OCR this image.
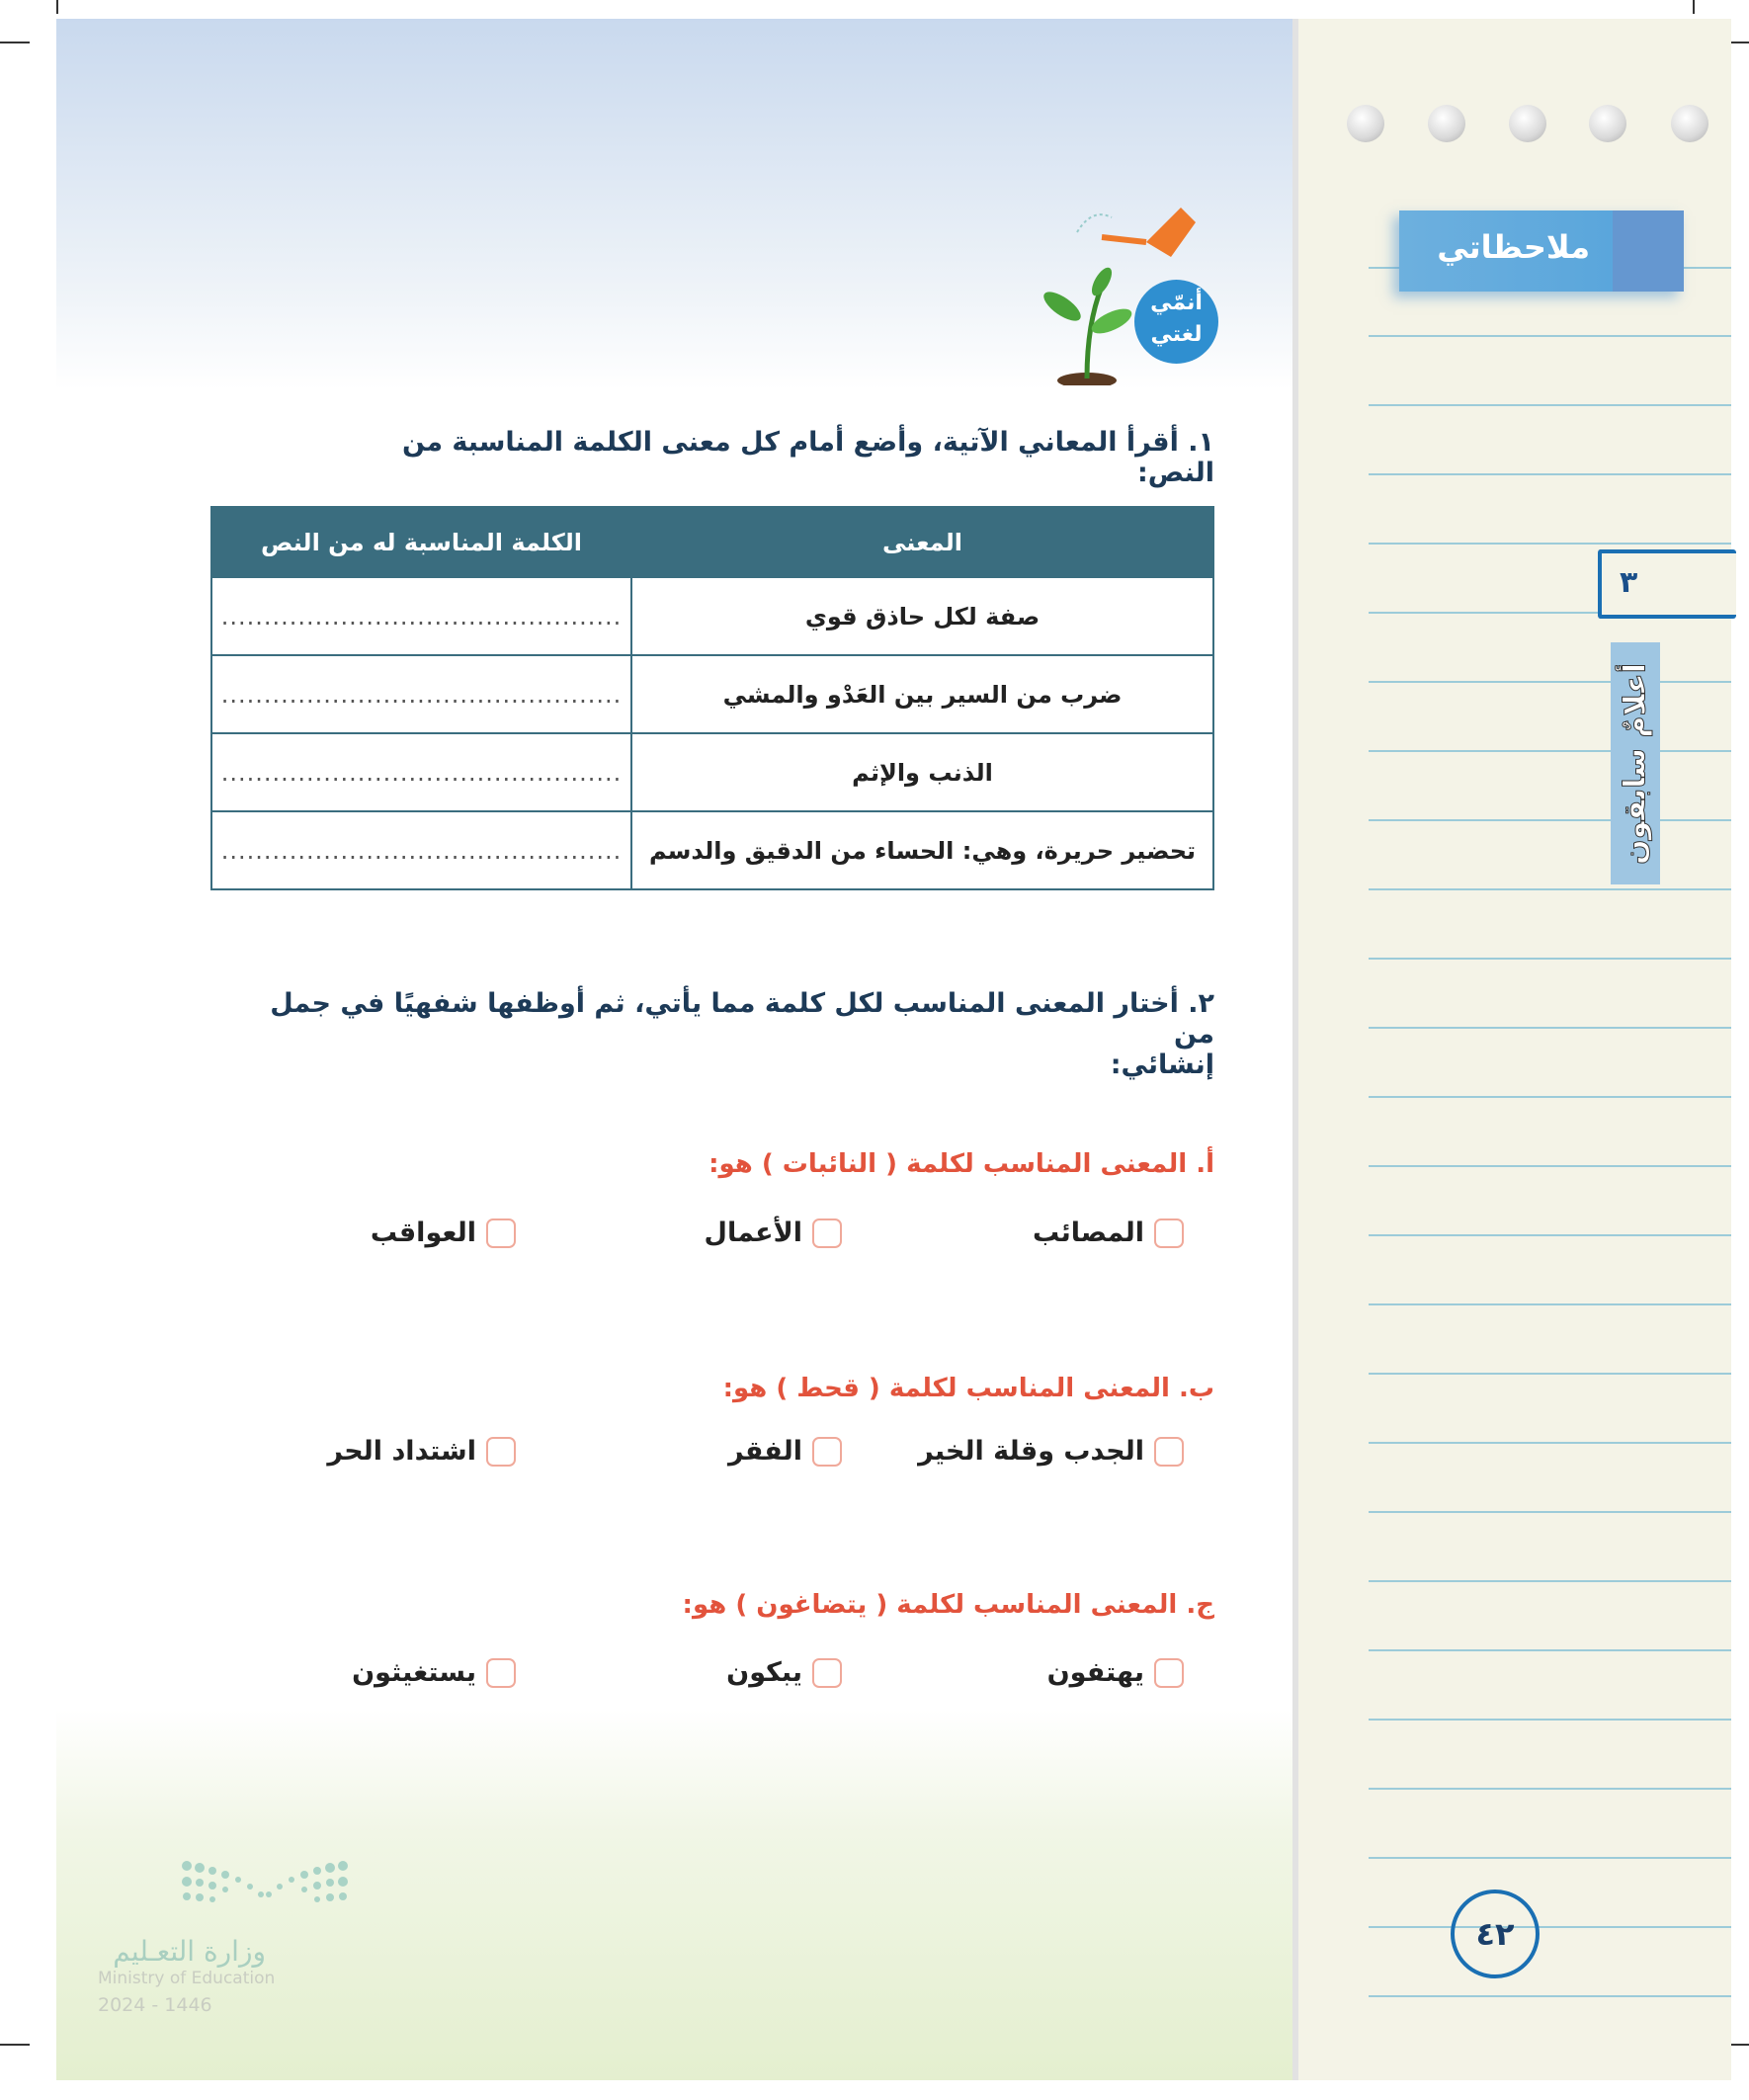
أنمّي
لغتي
١. أقرأ المعاني الآتية، وأضع أمام كل معنى الكلمة المناسبة من النص:
المعنى	الكلمة المناسبة له من النص
صفة لكل حاذق قوي	...............................................
ضرب من السير بين العَدْو والمشي	...............................................
الذنب والإثم	...............................................
تحضير حريرة، وهي: الحساء من الدقيق والدسم	...............................................
٢. أختار المعنى المناسب لكل كلمة مما يأتي، ثم أوظفها شفهيًا في جمل من
إنشائي:
أ. المعنى المناسب لكلمة ( النائبات ) هو:
المصائب
الأعمال
العواقب
ب. المعنى المناسب لكلمة ( قحط ) هو:
الجدب وقلة الخير
الفقر
اشتداد الحر
ج. المعنى المناسب لكلمة ( يتضاغون ) هو:
يهتفون
يبكون
يستغيثون
وزارة التعـليم
Ministry of Education
2024 - 1446
ملاحظاتي
٣
أعلامٌ سابقون
٤٢
